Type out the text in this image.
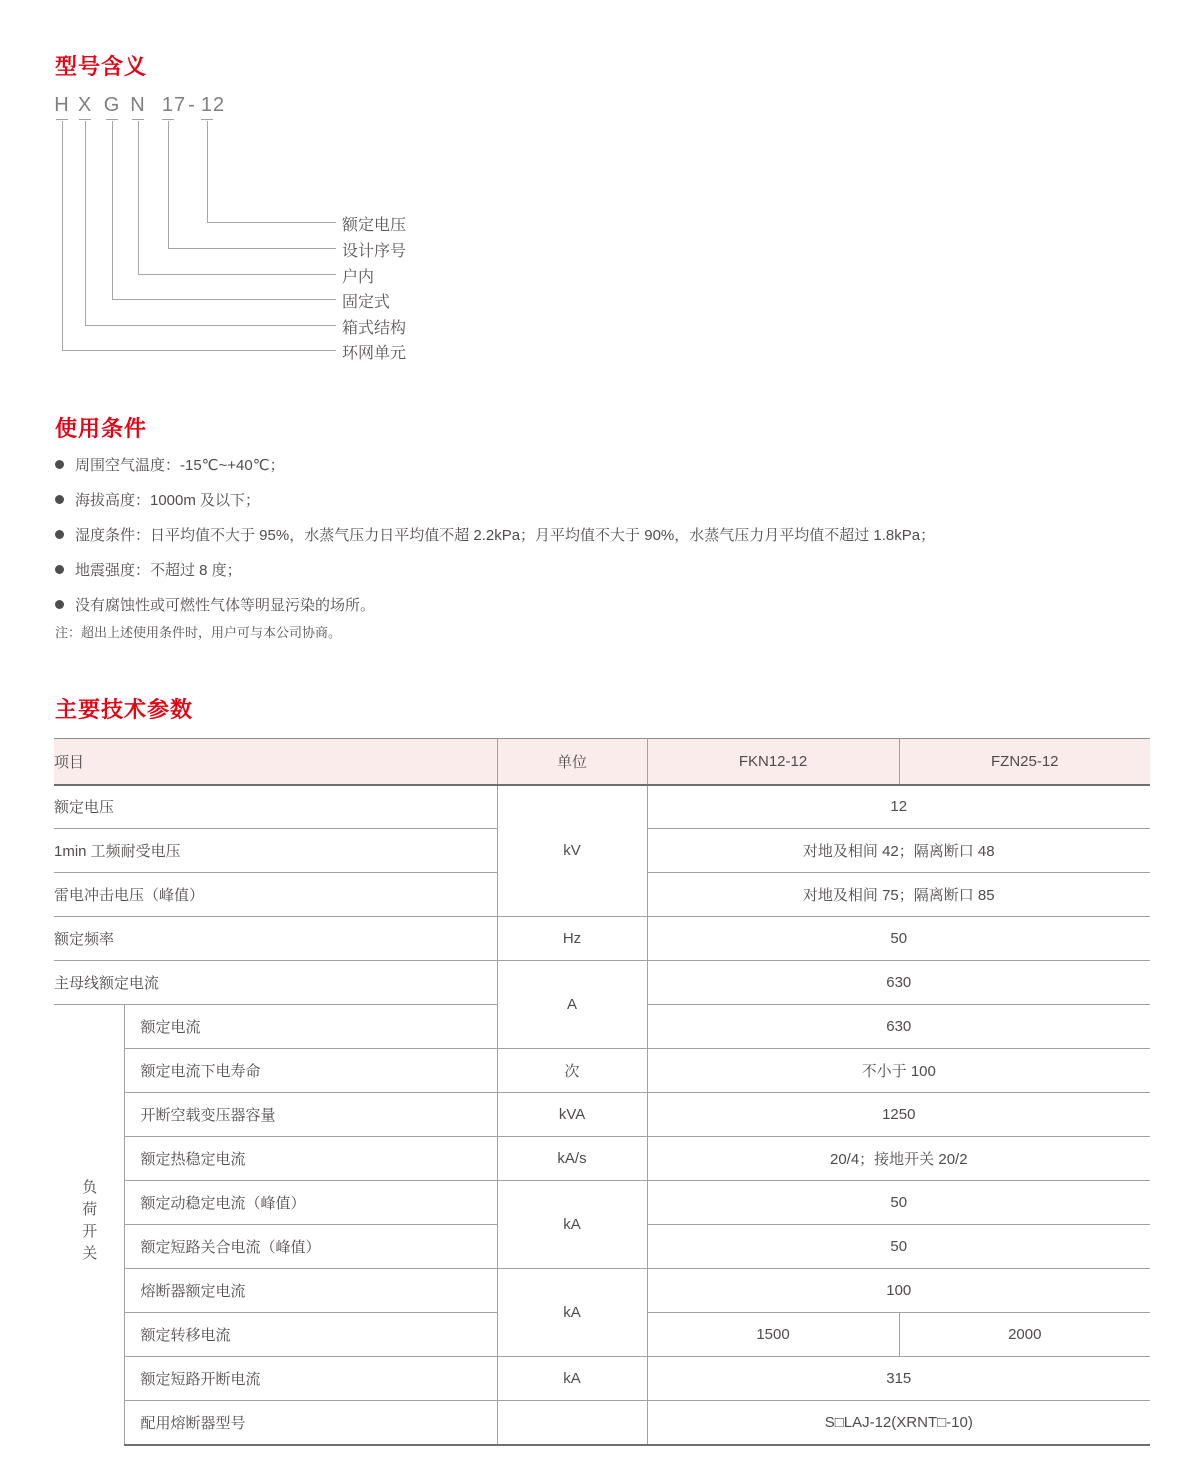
型号含义
H X G N 17 - 12
额定电压
设计序号
户内
固定式
箱式结构
环网单元
使用条件
周围空气温度：-15℃~+40℃；
海拔高度：1000m 及以下；
湿度条件：日平均值不大于 95%，水蒸气压力日平均值不超 2.2kPa；月平均值不大于 90%，水蒸气压力月平均值不超过 1.8kPa；
地震强度：不超过 8 度；
没有腐蚀性或可燃性气体等明显污染的场所。

注：超出上述使用条件时，用户可与本公司协商。

主要技术参数
项目		单位	FKN12-12	FZN25-12
额定电压		kV	12	
1min 工频耐受电压			对地及相间 42；隔离断口 48	
雷电冲击电压（峰值）			对地及相间 75；隔离断口 85	
额定频率		Hz	50	
主母线额定电流		A	630	
负荷开关	额定电流		630	
	额定电流下电寿命	次	不小于 100	
	开断空载变压器容量	kVA	1250	
	额定热稳定电流	kA/s	20/4；接地开关 20/2	
	额定动稳定电流（峰值）	kA	50	
	额定短路关合电流（峰值）		50	
	熔断器额定电流	kA	100	
	额定转移电流		1500	2000
	额定短路开断电流	kA	315	
	配用熔断器型号		S□LAJ-12(XRNT□-10)	
